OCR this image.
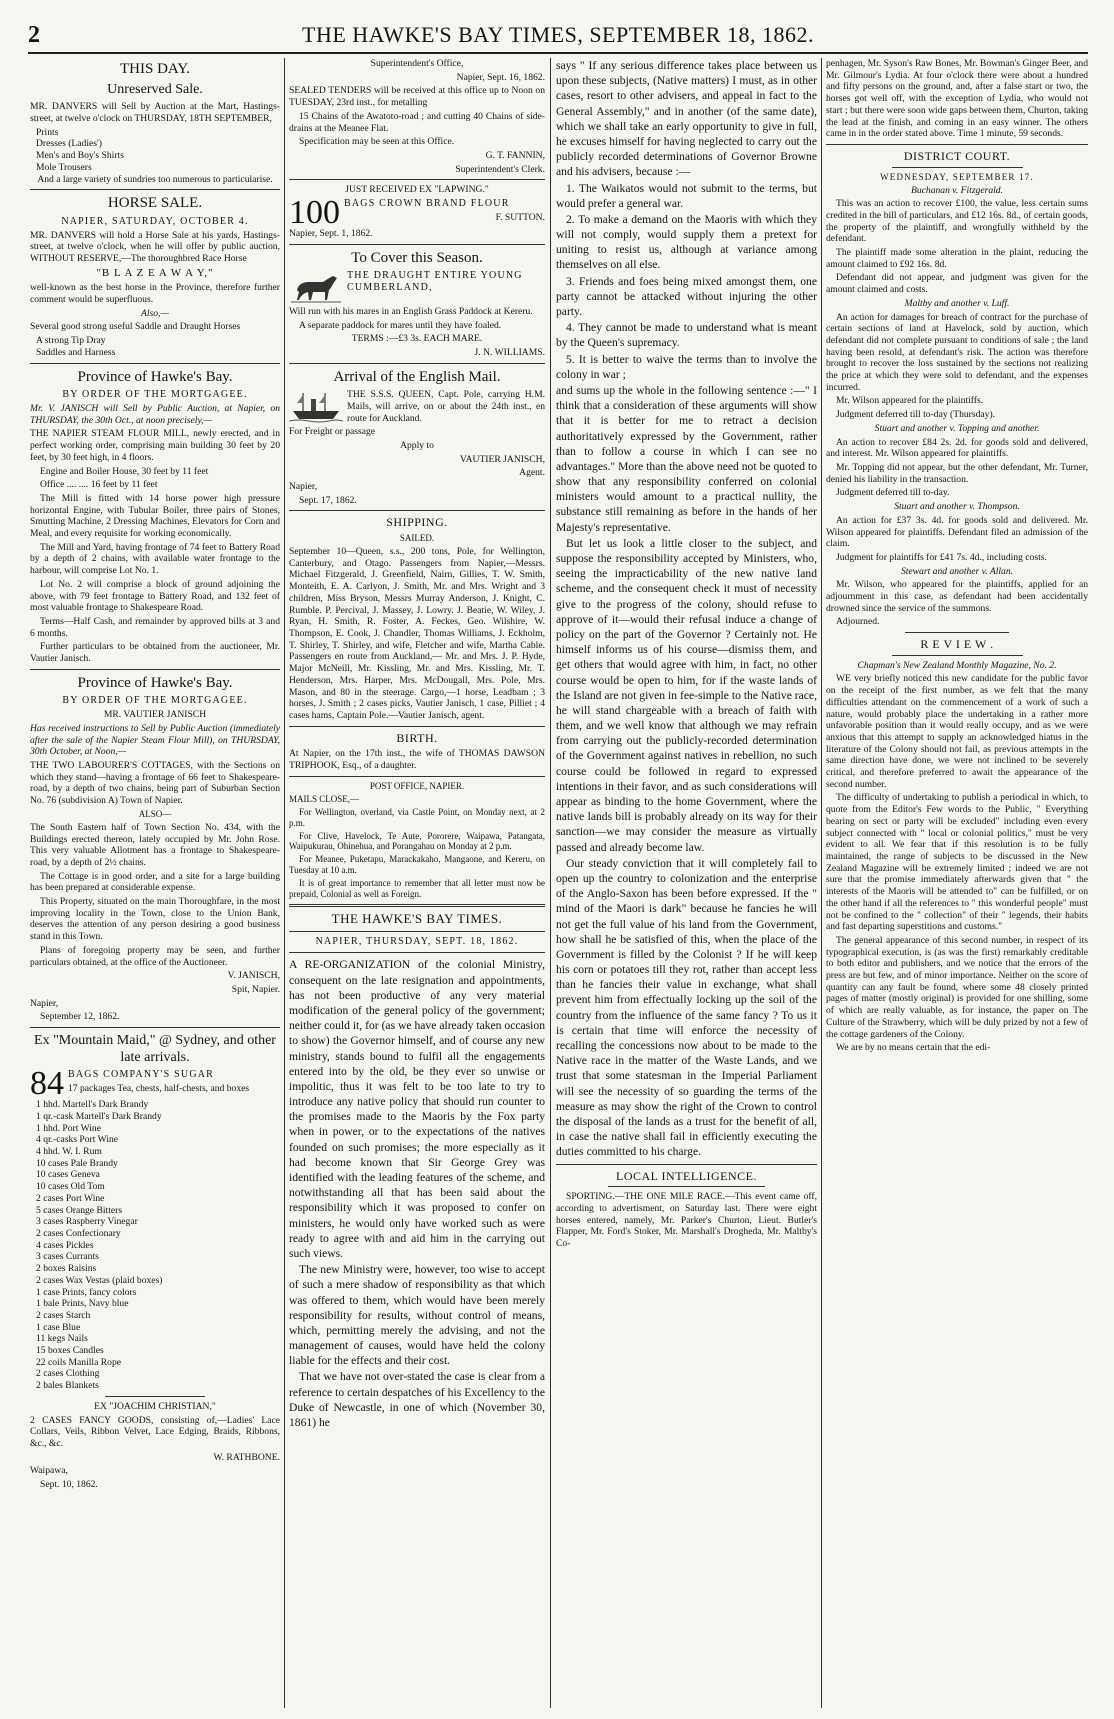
2	THE HAWKE'S BAY TIMES, SEPTEMBER 18, 1862.
THIS DAY.
Unreserved Sale.

MR. DANVERS will Sell by Auction at the Mart, Hastings-street, at twelve o'clock on THURSDAY, 18TH SEPTEMBER,

Prints

Dresses (Ladies')

Men's and Boy's Shirts

Mole Trousers

And a large variety of sundries too numerous to particularise.

HORSE SALE.
NAPIER, SATURDAY, OCTOBER 4.

MR. DANVERS will hold a Horse Sale at his yards, Hastings-street, at twelve o'clock, when he will offer by public auction, WITHOUT RESERVE,—The thoroughbred Race Horse

"B L A Z E A W A Y,"

well-known as the best horse in the Province, therefore further comment would be superfluous.

Also,—

Several good strong useful Saddle and Draught Horses

A strong Tip Dray

Saddles and Harness

Province of Hawke's Bay.
BY ORDER OF THE MORTGAGEE.

Mr. V. JANISCH will Sell by Public Auction, at Napier, on THURSDAY, the 30th Oct., at noon precisely,—

THE NAPIER STEAM FLOUR MILL, newly erected, and in perfect working order, comprising main building 30 feet by 20 feet, by 30 feet high, in 4 floors.

Engine and Boiler House, 30 feet by 11 feet

Office .... .... 16 feet by 11 feet

The Mill is fitted with 14 horse power high pressure horizontal Engine, with Tubular Boiler, three pairs of Stones, Smutting Machine, 2 Dressing Machines, Elevators for Corn and Meal, and every requisite for working economically.

The Mill and Yard, having frontage of 74 feet to Battery Road by a depth of 2 chains, with available water frontage to the harbour, will comprise Lot No. 1.

Lot No. 2 will comprise a block of ground adjoining the above, with 79 feet frontage to Battery Road, and 132 feet of most valuable frontage to Shakespeare Road.

Terms—Half Cash, and remainder by approved bills at 3 and 6 months.

Further particulars to be obtained from the auctioneer, Mr. Vautier Janisch.

Province of Hawke's Bay.
BY ORDER OF THE MORTGAGEE.

MR. VAUTIER JANISCH

Has received instructions to Sell by Public Auction (immediately after the sale of the Napier Steam Flour Mill), on THURSDAY, 30th October, at Noon,—

THE TWO LABOURER'S COTTAGES, with the Sections on which they stand—having a frontage of 66 feet to Shakespeare-road, by a depth of two chains, being part of Suburban Section No. 76 (subdivision A) Town of Napier.

ALSO—

The South Eastern half of Town Section No. 434, with the Buildings erected thereon, lately occupied by Mr. John Rose. This very valuable Allotment has a frontage to Shakespeare-road, by a depth of 2½ chains.

The Cottage is in good order, and a site for a large building has been prepared at considerable expense.

This Property, situated on the main Thoroughfare, in the most improving locality in the Town, close to the Union Bank, deserves the attention of any person desiring a good business stand in this Town.

Plans of foregoing property may be seen, and further particulars obtained, at the office of the Auctioneer.

V. JANISCH,

Spit, Napier.

Napier,

September 12, 1862.

Ex "Mountain Maid," @ Sydney, and other late arrivals.

84 BAGS COMPANY'S SUGAR
17 packages Tea, chests, half-chests, and boxes

1 hhd. Martell's Dark Brandy

1 qr.-cask Martell's Dark Brandy

1 hhd. Port Wine

4 qr.-casks Port Wine

4 hhd. W. I. Rum

10 cases Pale Brandy

10 cases Geneva

10 cases Old Tom

2 cases Port Wine

5 cases Orange Bitters

3 cases Raspberry Vinegar

2 cases Confectionary

4 cases Pickles

3 cases Currants

2 boxes Raisins

2 cases Wax Vestas (plaid boxes)

1 case Prints, fancy colors

1 bale Prints, Navy blue

2 cases Starch

1 case Blue

11 kegs Nails

15 boxes Candles

22 coils Manilla Rope

2 cases Clothing

2 bales Blankets

EX "JOACHIM CHRISTIAN,"

2 CASES FANCY GOODS, consisting of,—Ladies' Lace Collars, Veils, Ribbon Velvet, Lace Edging, Braids, Ribbons, &c., &c.

W. RATHBONE.

Waipawa,

Sept. 10, 1862.

Superintendent's Office,

Napier, Sept. 16, 1862.

SEALED TENDERS will be received at this office up to Noon on TUESDAY, 23rd inst., for metalling

15 Chains of the Awatoto-road ; and cutting 40 Chains of side-drains at the Meanee Flat.

Specification may be seen at this Office.

G. T. FANNIN,

Superintendent's Clerk.

JUST RECEIVED EX "LAPWING."

100 BAGS CROWN BRAND FLOUR
F. SUTTON.

Napier, Sept. 1, 1862.

To Cover this Season.

THE DRAUGHT ENTIRE YOUNG CUMBERLAND,

Will run with his mares in an English Grass Paddock at Kereru.

A separate paddock for mares until they have foaled.

TERMS :—£3 3s. EACH MARE.

J. N. WILLIAMS.

Arrival of the English Mail.

THE S.S.S. QUEEN, Capt. Pole, carrying H.M. Mails, will arrive, on or about the 24th inst., en route for Auckland.

For Freight or passage

Apply to

VAUTIER JANISCH,

Agent.

Napier,

Sept. 17, 1862.

SHIPPING.

SAILED.

September 10—Queen, s.s., 200 tons, Pole, for Wellington, Canterbury, and Otago. Passengers from Napier,—Messrs. Michael Fitzgerald, J. Greenfield, Nairn, Gillies, T. W. Smith, Monteith, E. A. Carlyon, J. Smith, Mr. and Mrs. Wright and 3 children, Miss Bryson, Messrs Murray Anderson, J. Knight, C. Rumble. P. Percival, J. Massey, J. Lowry. J. Beatie, W. Wiley, J. Ryan, H. Smith, R. Foster, A. Feckes, Geo. Wilshire, W. Thompson, E. Cook, J. Chandler, Thomas Williams, J. Eckholm, T. Shirley, T. Shirley, and wife, Fletcher and wife, Martha Cable. Passengers en route from Auckland,— Mr. and Mrs. J. P. Hyde, Major McNeill, Mr. Kissling, Mr. and Mrs. Kissling, Mr. T. Henderson, Mrs. Harper, Mrs. McDougall, Mrs. Pole, Mrs. Mason, and 80 in the steerage. Cargo,—1 horse, Leadbam ; 3 horses, J. Smith ; 2 cases picks, Vautier Janisch, 1 case, Pilliet ; 4 cases hams, Captain Pole.—Vautier Janisch, agent.

BIRTH.

At Napier, on the 17th inst., the wife of THOMAS DAWSON TRIPHOOK, Esq., of a daughter.

POST OFFICE, NAPIER.

MAILS CLOSE,—

For Wellington, overland, via Castle Point, on Monday next, at 2 p.m.

For Clive, Havelock, Te Aute, Pororere, Waipawa, Patangata, Waipukurau, Ohinehua, and Porangahau on Monday at 2 p.m.

For Meanee, Puketapu, Marackakaho, Mangaone, and Kereru, on Tuesday at 10 a.m.

It is of great importance to remember that all letter must now be prepaid, Colonial as well as Foreign.

THE HAWKE'S BAY TIMES.
NAPIER, THURSDAY, SEPT. 18, 1862.

A RE-ORGANIZATION of the colonial Ministry, consequent on the late resignation and appointments, has not been productive of any very material modification of the general policy of the government; neither could it, for (as we have already taken occasion to show) the Governor himself, and of course any new ministry, stands bound to fulfil all the engagements entered into by the old, be they ever so unwise or impolitic, thus it was felt to be too late to try to introduce any native policy that should run counter to the promises made to the Maoris by the Fox party when in power, or to the expectations of the natives founded on such promises; the more especially as it had become known that Sir George Grey was identified with the leading features of the scheme, and notwithstanding all that has been said about the responsibility which it was proposed to confer on ministers, he would only have worked such as were ready to agree with and aid him in the carrying out such views.

The new Ministry were, however, too wise to accept of such a mere shadow of responsibility as that which was offered to them, which would have been merely responsibility for results, without control of means, which, permitting merely the advising, and not the management of causes, would have held the colony liable for the effects and their cost.

That we have not over-stated the case is clear from a reference to certain despatches of his Excellency to the Duke of Newcastle, in one of which (November 30, 1861) he

says " If any serious difference takes place between us upon these subjects, (Native matters) I must, as in other cases, resort to other advisers, and appeal in fact to the General Assembly," and in another (of the same date), which we shall take an early opportunity to give in full, he excuses himself for having neglected to carry out the publicly recorded determinations of Governor Browne and his advisers, because :—

1. The Waikatos would not submit to the terms, but would prefer a general war.

2. To make a demand on the Maoris with which they will not comply, would supply them a pretext for uniting to resist us, although at variance among themselves on all else.

3. Friends and foes being mixed amongst them, one party cannot be attacked without injuring the other party.

4. They cannot be made to understand what is meant by the Queen's supremacy.

5. It is better to waive the terms than to involve the colony in war ;

and sums up the whole in the following sentence :—" I think that a consideration of these arguments will show that it is better for me to retract a decision authoritatively expressed by the Government, rather than to follow a course in which I can see no advantages." More than the above need not be quoted to show that any responsibility conferred on colonial ministers would amount to a practical nullity, the substance still remaining as before in the hands of her Majesty's representative.

But let us look a little closer to the subject, and suppose the responsibility accepted by Ministers, who, seeing the impracticability of the new native land scheme, and the consequent check it must of necessity give to the progress of the colony, should refuse to approve of it—would their refusal induce a change of policy on the part of the Governor ? Certainly not. He himself informs us of his course—dismiss them, and get others that would agree with him, in fact, no other course would be open to him, for if the waste lands of the Island are not given in fee-simple to the Native race, he will stand chargeable with a breach of faith with them, and we well know that although we may refrain from carrying out the publicly-recorded determination of the Government against natives in rebellion, no such course could be followed in regard to expressed intentions in their favor, and as such considerations will appear as binding to the home Government, where the native lands bill is probably already on its way for their sanction—we may consider the measure as virtually passed and already become law.

Our steady conviction that it will completely fail to open up the country to colonization and the enterprise of the Anglo-Saxon has been before expressed. If the " mind of the Maori is dark" because he fancies he will not get the full value of his land from the Government, how shall he be satisfied of this, when the place of the Government is filled by the Colonist ? If he will keep his corn or potatoes till they rot, rather than accept less than he fancies their value in exchange, what shall prevent him from effectually locking up the soil of the country from the influence of the same fancy ? To us it is certain that time will enforce the necessity of recalling the concessions now about to be made to the Native race in the matter of the Waste Lands, and we trust that some statesman in the Imperial Parliament will see the necessity of so guarding the terms of the measure as may show the right of the Crown to control the disposal of the lands as a trust for the benefit of all, in case the native shall fail in efficiently executing the duties committed to his charge.

LOCAL INTELLIGENCE.

SPORTING.—THE ONE MILE RACE.—This event came off, according to advertisment, on Saturday last. There were eight horses entered, namely, Mr. Parker's Churton, Lieut. Butler's Flapper, Mr. Ford's Stoker, Mr. Marshall's Drogheda, Mr. Maltby's Co-

penhagen, Mr. Syson's Raw Bones, Mr. Bowman's Ginger Beer, and Mr. Gilmour's Lydia. At four o'clock there were about a hundred and fifty persons on the ground, and, after a false start or two, the horses got well off, with the exception of Lydia, who would not start ; but there were soon wide gaps between them, Churton, taking the lead at the finish, and coming in an easy winner. The others came in in the order stated above. Time 1 minute, 59 seconds.

DISTRICT COURT.

WEDNESDAY, SEPTEMBER 17.

Buchanan v. Fitzgerald.

This was an action to recover £100, the value, less certain sums credited in the bill of particulars, and £12 16s. 8d., of certain goods, the property of the plaintiff, and wrongfully withheld by the defendant.

The plaintiff made some alteration in the plaint, reducing the amount claimed to £92 16s. 8d.

Defendant did not appear, and judgment was given for the amount claimed and costs.

Maltby and another v. Luff.

An action for damages for breach of contract for the purchase of certain sections of land at Havelock, sold by auction, which defendant did not complete pursuant to conditions of sale ; the land having been resold, at defendant's risk. The action was therefore brought to recover the loss sustained by the sections not realizing the price at which they were sold to defendant, and the expenses incurred.

Mr. Wilson appeared for the plaintiffs.

Judgment deferred till to-day (Thursday).

Stuart and another v. Topping and another.

An action to recover £84 2s. 2d. for goods sold and delivered, and interest. Mr. Wilson appeared for plaintiffs.

Mr. Topping did not appear, but the other defendant, Mr. Turner, denied his liability in the transaction.

Judgment deferred till to-day.

Stuart and another v. Thompson.

An action for £37 3s. 4d. for goods sold and delivered. Mr. Wilson appeared for plaintiffs. Defendant filed an admission of the claim.

Judgment for plaintiffs for £41 7s. 4d., including costs.

Stewart and another v. Allan.

Mr. Wilson, who appeared for the plaintiffs, applied for an adjournment in this case, as defendant had been accidentally drowned since the service of the summons.

Adjourned.

R E V I E W .

Chapman's New Zealand Monthly Magazine, No. 2.

WE very briefly noticed this new candidate for the public favor on the receipt of the first number, as we felt that the many difficulties attendant on the commencement of a work of such a nature, would probably place the undertaking in a rather more unfavorable position than it would really occupy, and as we were anxious that this attempt to supply an acknowledged hiatus in the literature of the Colony should not fail, as previous attempts in the same direction have done, we were not inclined to be severely critical, and therefore preferred to await the appearance of the second number.

The difficulty of undertaking to publish a periodical in which, to quote from the Editor's Few words to the Public, " Everything bearing on sect or party will be excluded" including even every subject connected with " local or colonial politics," must be very evident to all. We fear that if this resolution is to be fully maintained, the range of subjects to be discussed in the New Zealand Magazine will be extremely limited ; indeed we are not sure that the promise immediately afterwards given that " the interests of the Maoris will be attended to" can be fulfilled, or on the other hand if all the references to " this wonderful people" must not be confined to the " collection" of their " legends, their habits and fast departing superstitions and customs."

The general appearance of this second number, in respect of its typographical execution, is (as was the first) remarkably creditable to both editor and publishers, and we notice that the errors of the press are but few, and of minor importance. Neither on the score of quantity can any fault be found, where some 48 closely printed pages of matter (mostly original) is provided for one shilling, some of which are really valuable, as for instance, the paper on The Culture of the Strawberry, which will be duly prized by not a few of the cottage gardeners of the Colony.

We are by no means certain that the edi-
